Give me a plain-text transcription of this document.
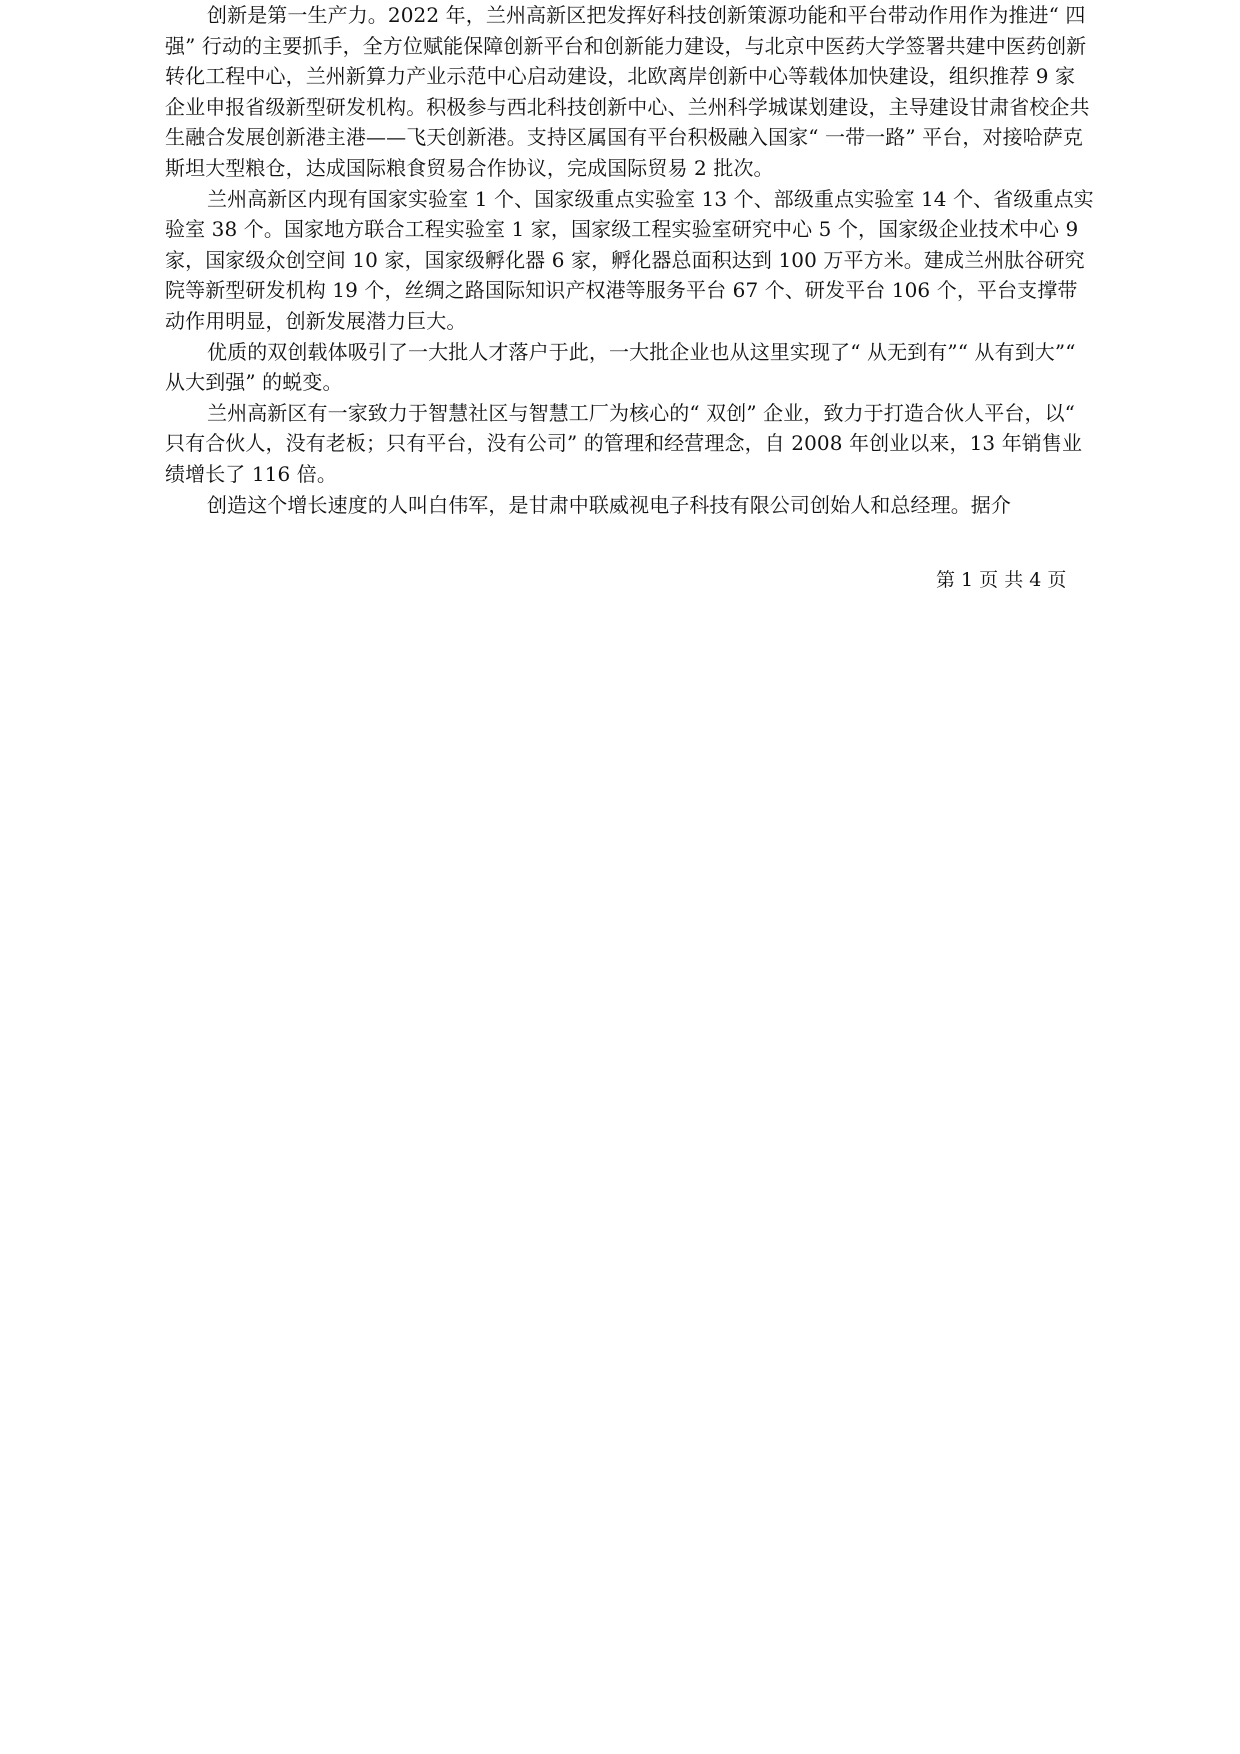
创新是第一生产力。2022 年，兰州高新区把发挥好科技创新策源功能和平台带动作用作为推进“ 四强” 行动的主要抓手，全方位赋能保障创新平台和创新能力建设，与北京中医药大学签署共建中医药创新转化工程中心，兰州新算力产业示范中心启动建设，北欧离岸创新中心等载体加快建设，组织推荐 9 家企业申报省级新型研发机构。积极参与西北科技创新中心、兰州科学城谋划建设，主导建设甘肃省校企共生融合发展创新港主港——飞天创新港。支持区属国有平台积极融入国家“ 一带一路” 平台，对接哈萨克斯坦大型粮仓，达成国际粮食贸易合作协议，完成国际贸易 2 批次。

兰州高新区内现有国家实验室 1 个、国家级重点实验室 13 个、部级重点实验室 14 个、省级重点实验室 38 个。国家地方联合工程实验室 1 家，国家级工程实验室研究中心 5 个，国家级企业技术中心 9 家，国家级众创空间 10 家，国家级孵化器 6 家，孵化器总面积达到 100 万平方米。建成兰州肽谷研究院等新型研发机构 19 个，丝绸之路国际知识产权港等服务平台 67 个、研发平台 106 个，平台支撑带动作用明显，创新发展潜力巨大。

优质的双创载体吸引了一大批人才落户于此，一大批企业也从这里实现了“ 从无到有”“ 从有到大”“ 从大到强” 的蜕变。

兰州高新区有一家致力于智慧社区与智慧工厂为核心的“ 双创” 企业，致力于打造合伙人平台，以“ 只有合伙人，没有老板；只有平台，没有公司” 的管理和经营理念，自 2008 年创业以来，13 年销售业绩增长了 116 倍。

创造这个增长速度的人叫白伟军，是甘肃中联威视电子科技有限公司创始人和总经理。据介

第 1 页 共 4 页
